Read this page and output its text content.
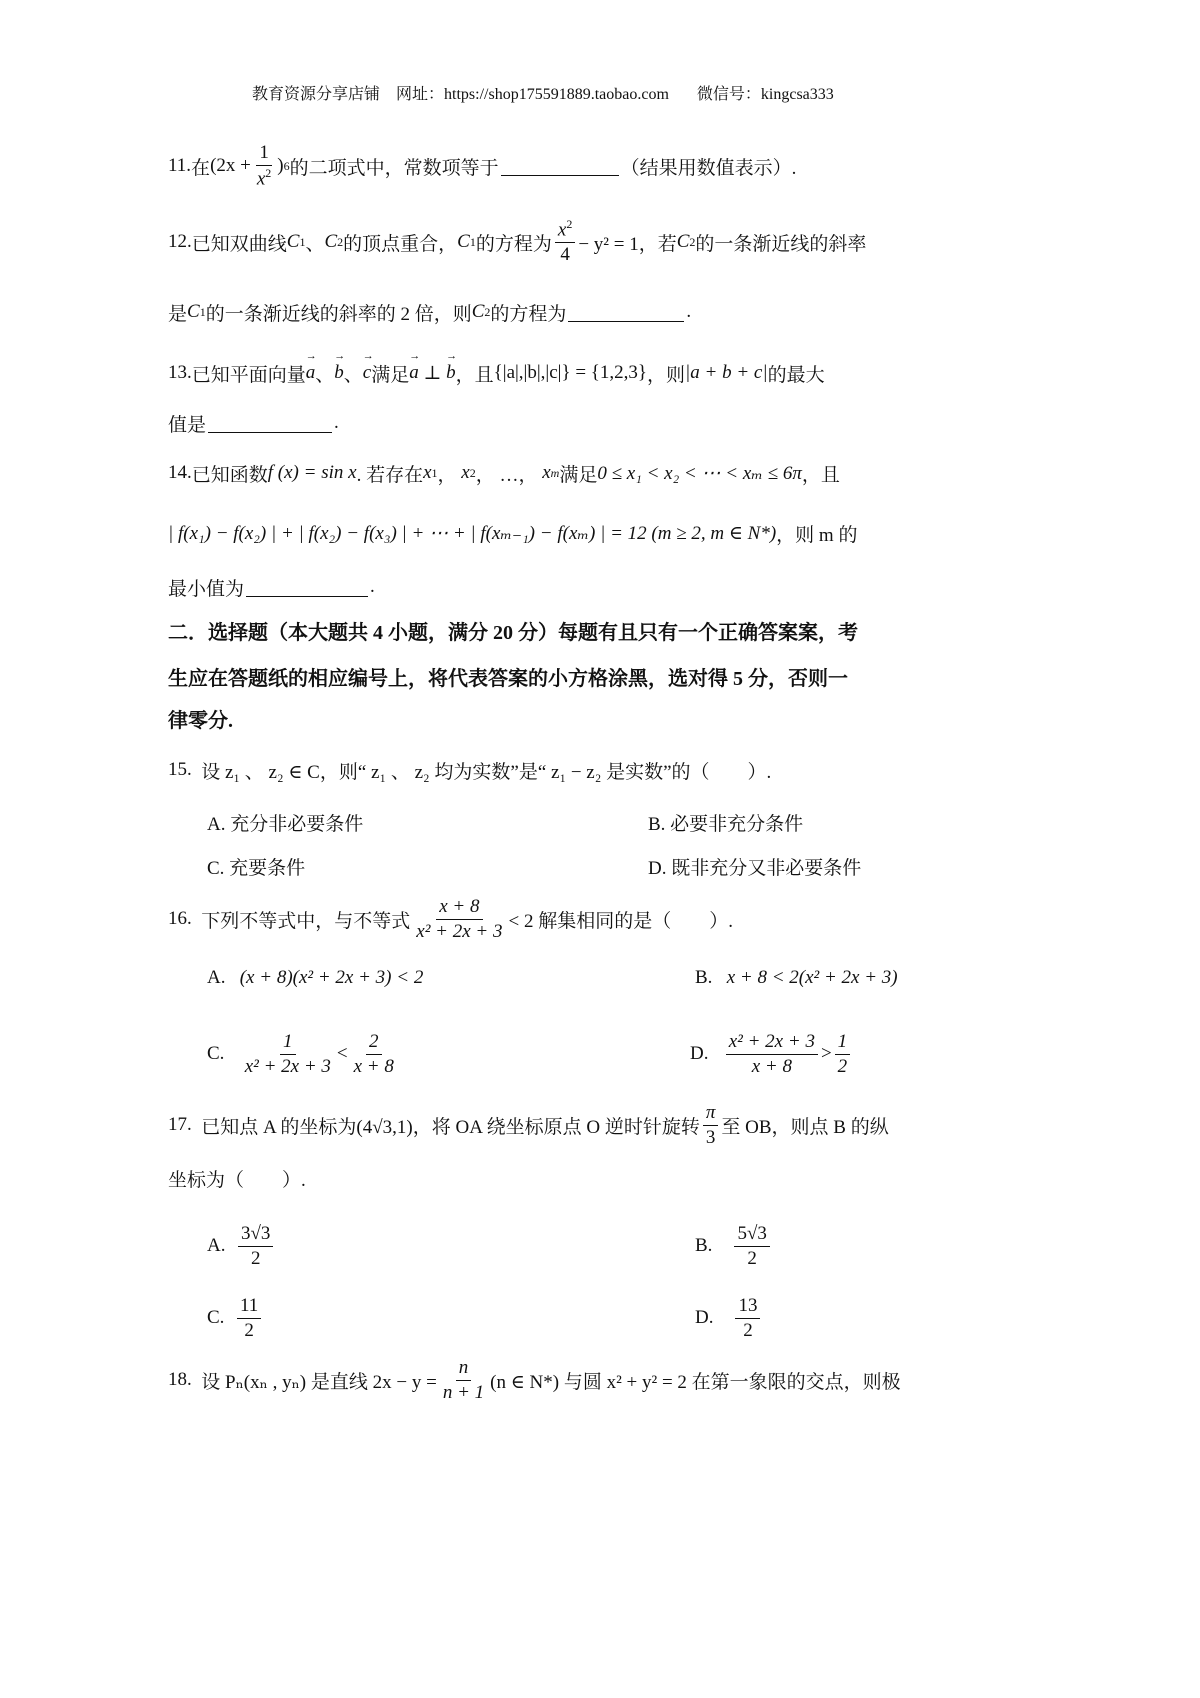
教育资源分享店铺
网址：https://shop175591889.taobao.com
微信号：kingcsa333
11. 在 ($2x + \frac{1}{x^2}$ ) 6 的二项式中，常数项等于	（结果用数值表示）.
12. 已知双曲线 C 1 、 C 2 的顶点重合， C 1 的方程为 $\frac{x^2}{4} - y^2 = 1$，若 C 2 的一条渐近线的斜率
是 C 1 的一条渐近线的斜率的 2 倍，则 C 2 的方程为	.
13. 已知平面向量 → a 、 → b 、 → c 满足 → a
⊥
→ b ，且 {|a|,|b|,|c|} = {1,2,3} ，则 |a + b + c| 的最大
值是	.
14. 已知函数 f (x) = sin x . 若存在 x 1 ， x 2 ， …， x m 满足 0 ≤ x₁ < x₂ < ⋯ < xₘ ≤ 6π ，且
| f(x₁) − f(x₂) | + | f(x₂) − f(x₃) | + ⋯ + | f(xₘ₋₁) − f(xₘ) | = 12 (m ≥ 2, m ∈ N*) ，则 m 的
最小值为	.
二．选择题（本大题共 4 小题，满分 20 分）每题有且只有一个正确答案案，考
生应在答题纸的相应编号上，将代表答案的小方格涂黑，选对得 5 分，否则一
律零分.
15.
设 z₁ 、 z₂ ∈ C，则“ z₁ 、 z₂ 均为实数”是“ z₁ − z₂ 是实数”的（　　）.
A. 充分非必要条件	B. 必要非充分条件
C. 充要条件	D. 既非充分又非必要条件
16.
下列不等式中，与不等式 $\frac{x + 8}{\text{x² + 2x + 3}} < 2$ 解集相同的是（　　）.
A.
(x + 8)(x² + 2x + 3) < 2	B.
x + 8 < 2(x² + 2x + 3)
C.
$\frac{1}{\text{x² + 2x + 3}} < \frac{2}{x + 8}$	D.
$\frac{\text{x² + 2x + 3}}{x + 8} > \frac{1}{2}$
17.
已知点 A 的坐标为(4√3,1)，将 OA 绕坐标原点 O 逆时针旋转 $\frac{\pi}{3}$ 至 OB，则点 B 的纵
坐标为（　　）.
A.
$\frac{3√3}{2}$	B.
$\frac{5√3}{2}$
C.
$\frac{11}{2}$	D.
$\frac{13}{2}$
18.
设 Pₙ(xₙ , yₙ) 是直线 $2x - y = \frac{n}{n + 1} (n$ ∈ N*) 与圆 x² + y² = 2 在第一象限的交点，则极
